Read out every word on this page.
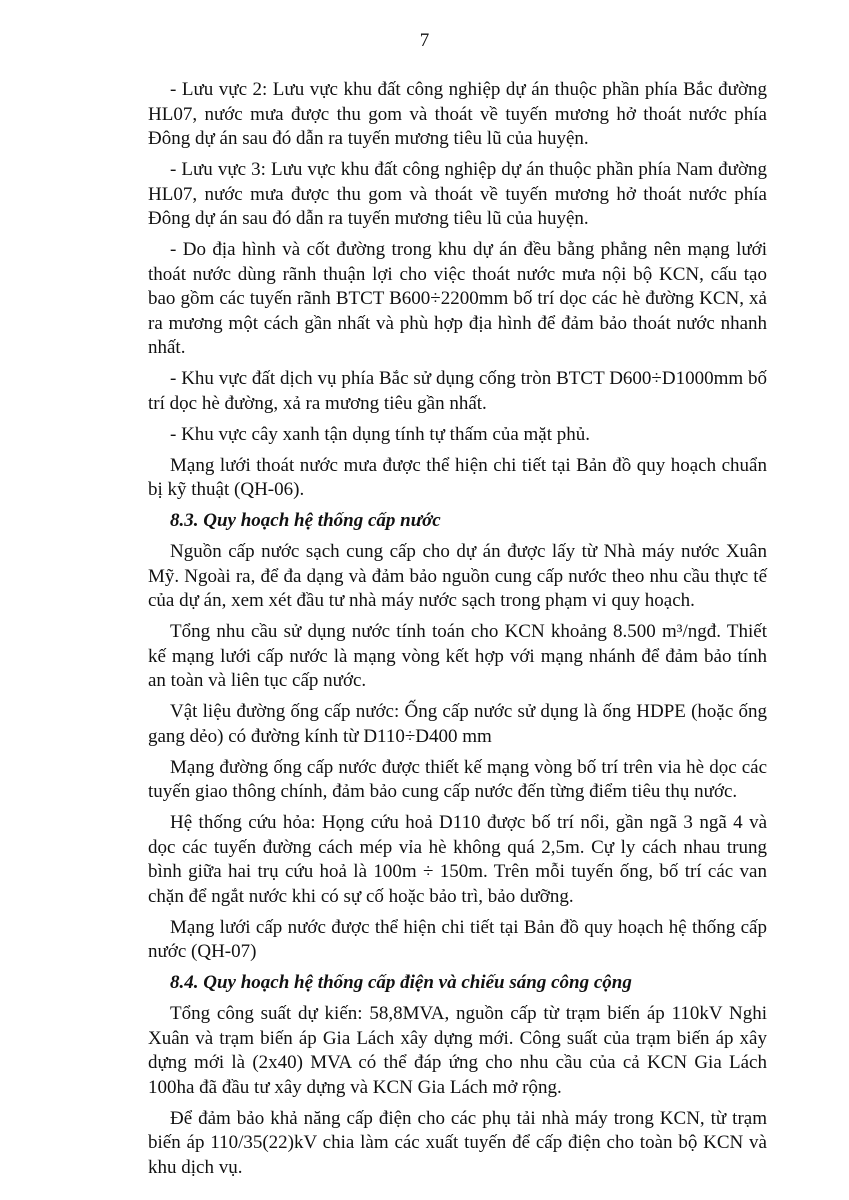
7

- Lưu vực 2: Lưu vực khu đất công nghiệp dự án thuộc phần phía Bắc đường HL07, nước mưa được thu gom và thoát về tuyến mương hở thoát nước phía Đông dự án sau đó dẫn ra tuyến mương tiêu lũ của huyện.

- Lưu vực 3: Lưu vực khu đất công nghiệp dự án thuộc phần phía Nam đường HL07, nước mưa được thu gom và thoát về tuyến mương hở thoát nước phía Đông dự án sau đó dẫn ra tuyến mương tiêu lũ của huyện.

- Do địa hình và cốt đường trong khu dự án đều bằng phẳng nên mạng lưới thoát nước dùng rãnh thuận lợi cho việc thoát nước mưa nội bộ KCN, cấu tạo bao gồm các tuyến rãnh BTCT B600÷2200mm bố trí dọc các hè đường KCN, xả ra mương một cách gần nhất và phù hợp địa hình để đảm bảo thoát nước nhanh nhất.

- Khu vực đất dịch vụ phía Bắc sử dụng cống tròn BTCT D600÷D1000mm bố trí dọc hè đường, xả ra mương tiêu gần nhất.

- Khu vực cây xanh tận dụng tính tự thấm của mặt phủ.

Mạng lưới thoát nước mưa được thể hiện chi tiết tại Bản đồ quy hoạch chuẩn bị kỹ thuật (QH-06).

8.3. Quy hoạch hệ thống cấp nước

Nguồn cấp nước sạch cung cấp cho dự án được lấy từ Nhà máy nước Xuân Mỹ. Ngoài ra, để đa dạng và đảm bảo nguồn cung cấp nước theo nhu cầu thực tế của dự án, xem xét đầu tư nhà máy nước sạch trong phạm vi quy hoạch.

Tổng nhu cầu sử dụng nước tính toán cho KCN khoảng 8.500 m³/ngđ. Thiết kế mạng lưới cấp nước là mạng vòng kết hợp với mạng nhánh để đảm bảo tính an toàn và liên tục cấp nước.

Vật liệu đường ống cấp nước: Ống cấp nước sử dụng là ống HDPE (hoặc ống gang dẻo) có đường kính từ D110÷D400 mm

Mạng đường ống cấp nước được thiết kế mạng vòng bố trí trên via hè dọc các tuyến giao thông chính, đảm bảo cung cấp nước đến từng điểm tiêu thụ nước.

Hệ thống cứu hỏa: Họng cứu hoả D110 được bố trí nổi, gần ngã 3 ngã 4 và dọc các tuyến đường cách mép vỉa hè không quá 2,5m. Cự ly cách nhau trung bình giữa hai trụ cứu hoả là 100m ÷ 150m. Trên mỗi tuyến ống, bố trí các van chặn để ngắt nước khi có sự cố hoặc bảo trì, bảo dưỡng.

Mạng lưới cấp nước được thể hiện chi tiết tại Bản đồ quy hoạch hệ thống cấp nước (QH-07)

8.4. Quy hoạch hệ thống cấp điện và chiếu sáng công cộng

Tổng công suất dự kiến: 58,8MVA, nguồn cấp từ trạm biến áp 110kV Nghi Xuân và trạm biến áp Gia Lách xây dựng mới. Công suất của trạm biến áp xây dựng mới là (2x40) MVA có thể đáp ứng cho nhu cầu của cả KCN Gia Lách 100ha đã đầu tư xây dựng và KCN Gia Lách mở rộng.

Để đảm bảo khả năng cấp điện cho các phụ tải nhà máy trong KCN, từ trạm biến áp 110/35(22)kV chia làm các xuất tuyến để cấp điện cho toàn bộ KCN và khu dịch vụ.
